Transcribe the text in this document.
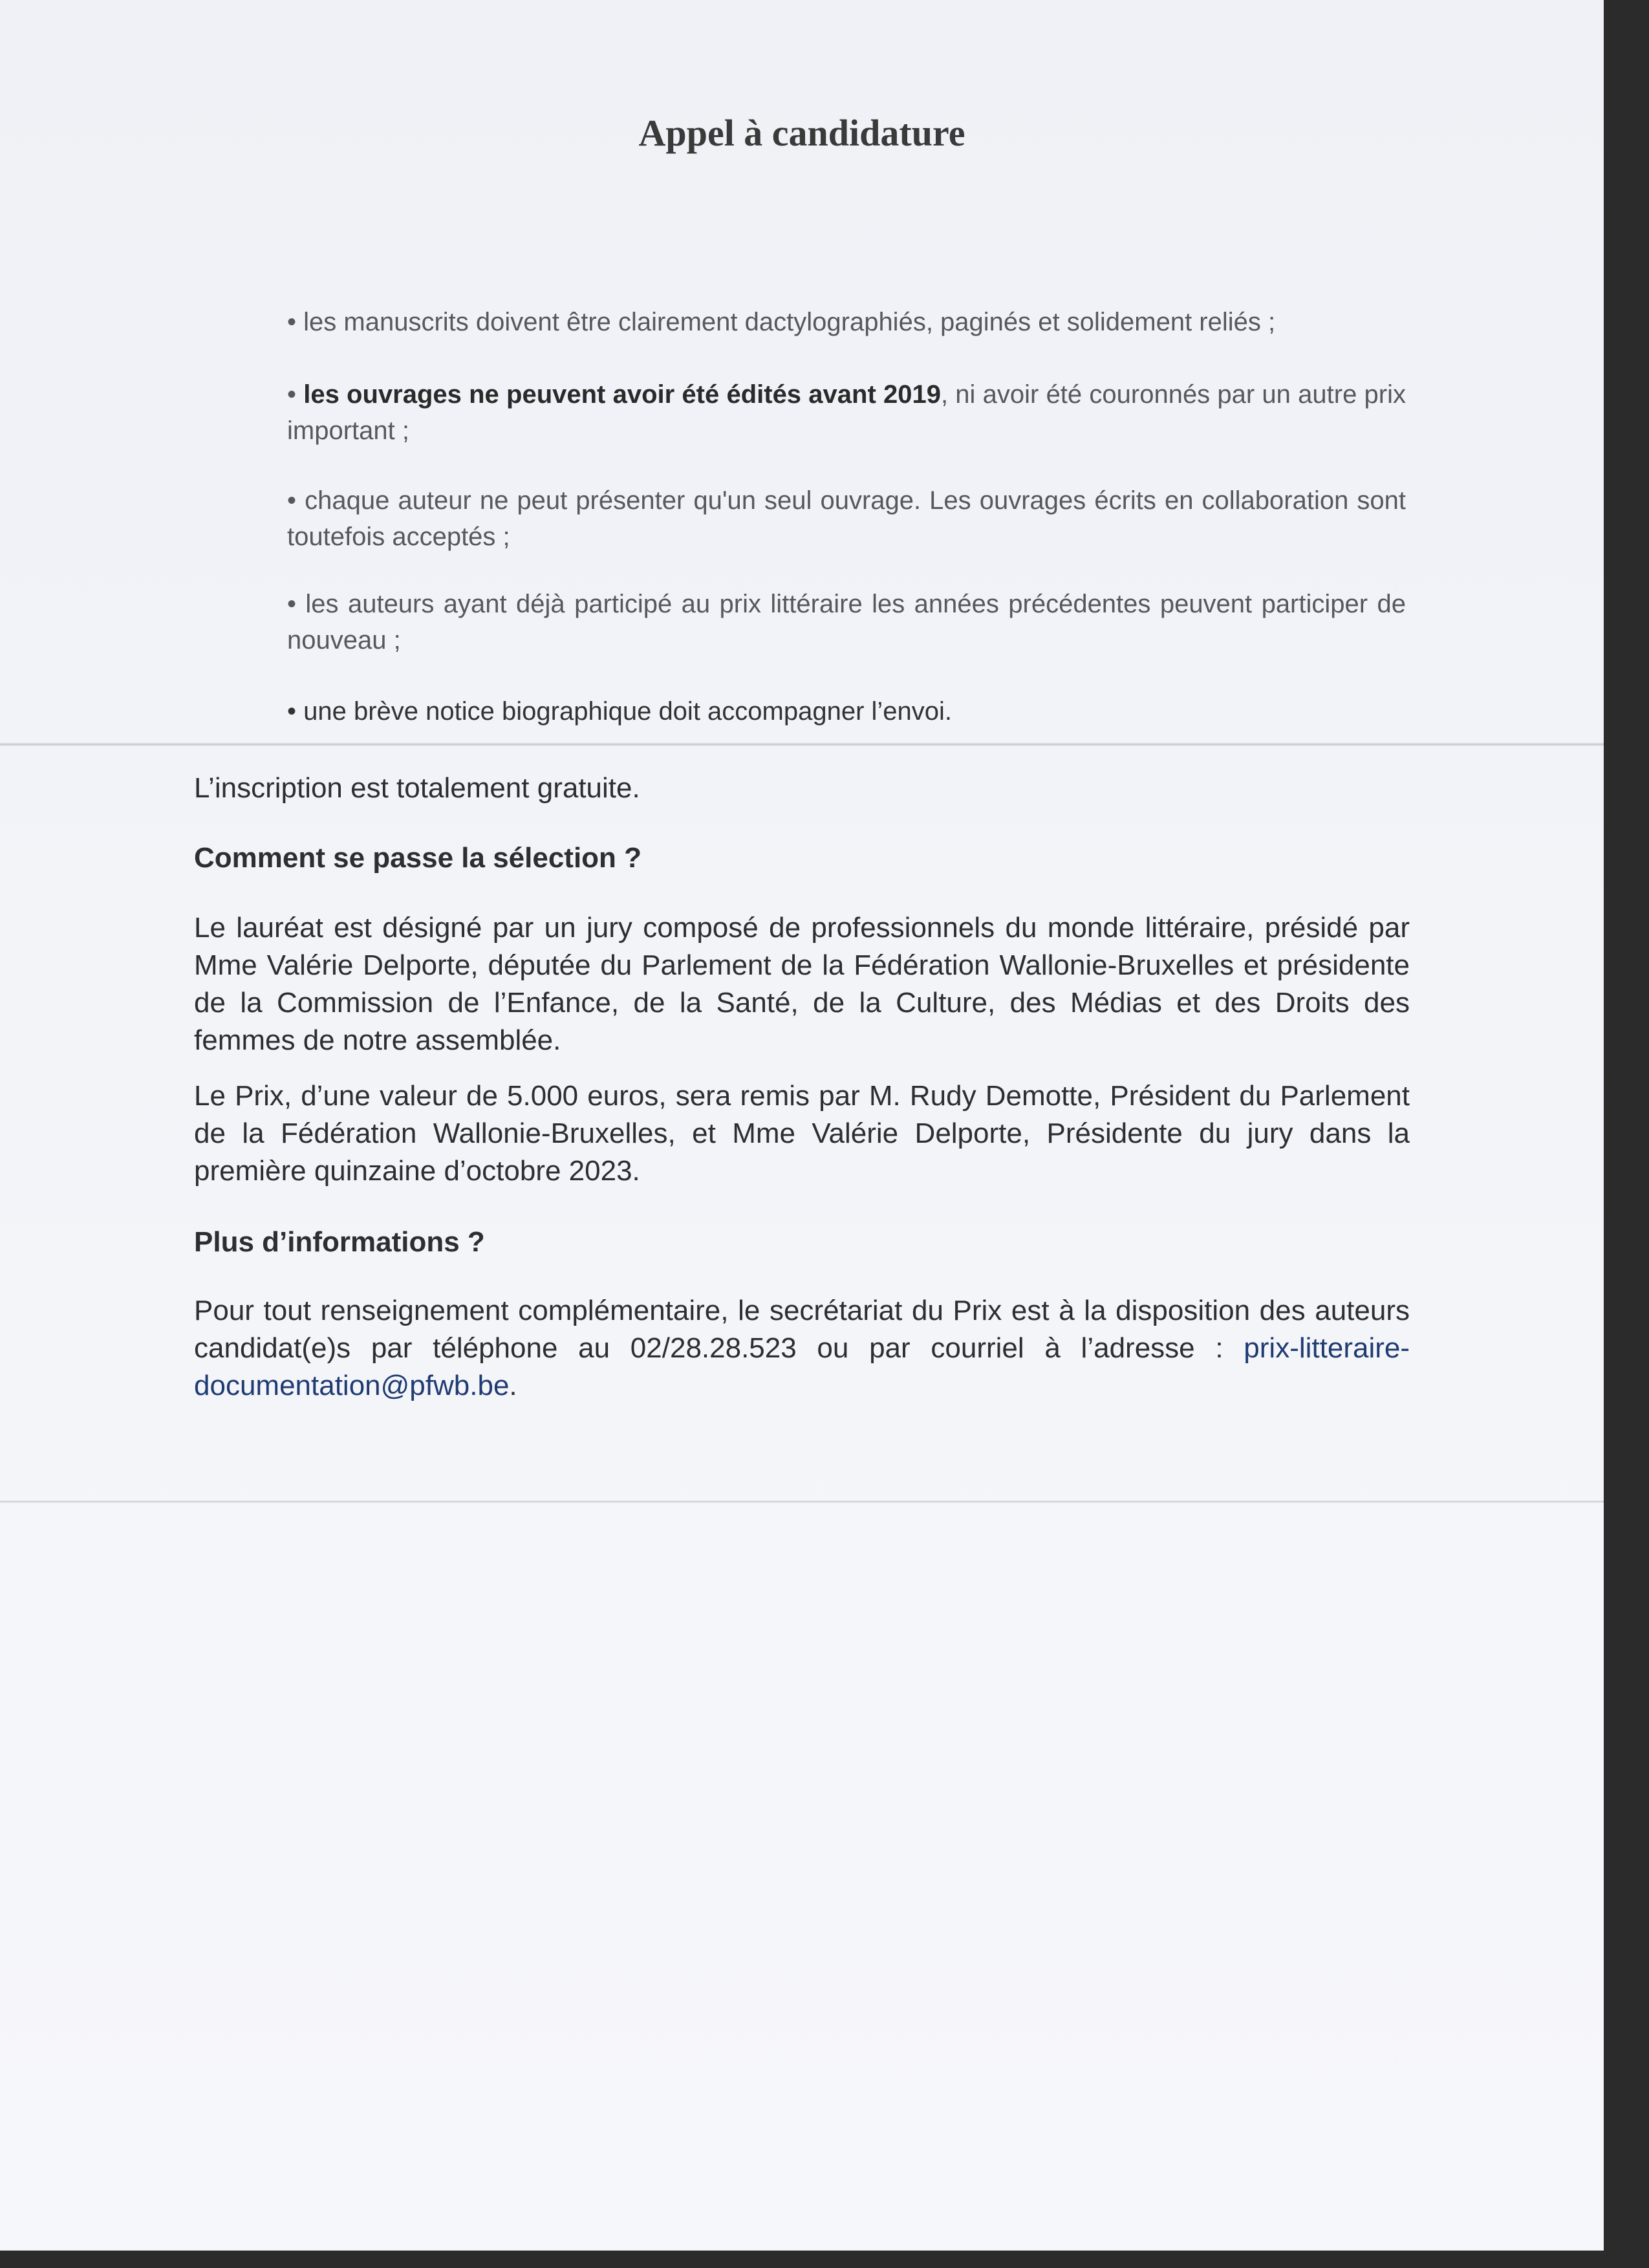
Appel à candidature
• les manuscrits doivent être clairement dactylographiés, paginés et solidement reliés ;
• les ouvrages ne peuvent avoir été édités avant 2019, ni avoir été couronnés par un autre prix important ;
• chaque auteur ne peut présenter qu'un seul ouvrage. Les ouvrages écrits en collaboration sont toutefois acceptés ;
• les auteurs ayant déjà participé au prix littéraire les années précédentes peuvent participer de nouveau ;
• une brève notice biographique doit accompagner l’envoi.
L’inscription est totalement gratuite.
Comment se passe la sélection ?
Le lauréat est désigné par un jury composé de professionnels du monde littéraire, présidé par Mme Valérie Delporte, députée du Parlement de la Fédération Wallonie-Bruxelles et présidente de la Commission de l’Enfance, de la Santé, de la Culture, des Médias et des Droits des femmes de notre assemblée.
Le Prix, d’une valeur de 5.000 euros, sera remis par M. Rudy Demotte, Président du Parlement de la Fédération Wallonie-Bruxelles, et Mme Valérie Delporte, Présidente du jury dans la première quinzaine d’octobre 2023.
Plus d’informations ?
Pour tout renseignement complémentaire, le secrétariat du Prix est à la disposition des auteurs candidat(e)s par téléphone au 02/28.28.523 ou par courriel à l’adresse : prix-litteraire-documentation@pfwb.be.
